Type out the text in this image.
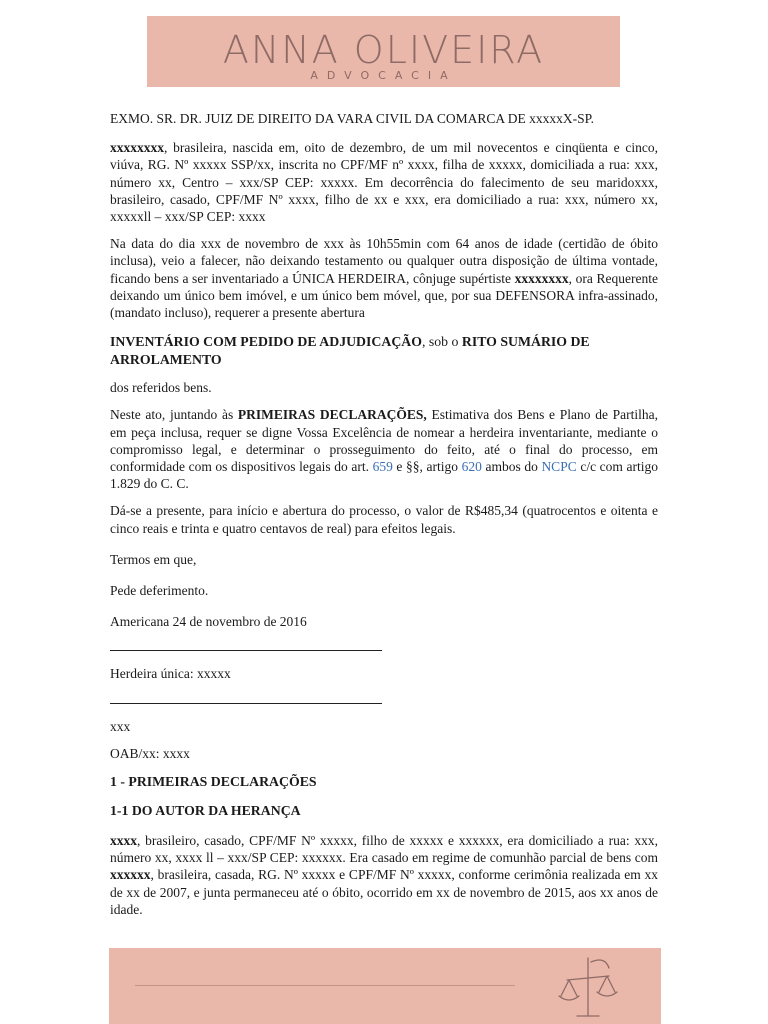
ANNA OLIVEIRA
ADVOCACIA

EXMO. SR. DR. JUIZ DE DIREITO DA VARA CIVIL DA COMARCA DE xxxxxX-SP.

xxxxxxxx, brasileira, nascida em, oito de dezembro, de um mil novecentos e cinqüenta e cinco, viúva, RG. Nº xxxxx SSP/xx, inscrita no CPF/MF nº xxxx, filha de xxxxx, domiciliada a rua: xxx, número xx, Centro – xxx/SP CEP: xxxxx. Em decorrência do falecimento de seu maridoxxx, brasileiro, casado, CPF/MF Nº xxxx, filho de xx e xxx, era domiciliado a rua: xxx, número xx, xxxxxll – xxx/SP CEP: xxxx

Na data do dia xxx de novembro de xxx às 10h55min com 64 anos de idade (certidão de óbito inclusa), veio a falecer, não deixando testamento ou qualquer outra disposição de última vontade, ficando bens a ser inventariado a ÚNICA HERDEIRA, cônjuge supértiste xxxxxxxx, ora Requerente deixando um único bem imóvel, e um único bem móvel, que, por sua DEFENSORA infra-assinado, (mandato incluso), requerer a presente abertura

INVENTÁRIO COM PEDIDO DE ADJUDICAÇÃO, sob o RITO SUMÁRIO DE ARROLAMENTO

dos referidos bens.

Neste ato, juntando às PRIMEIRAS DECLARAÇÕES, Estimativa dos Bens e Plano de Partilha, em peça inclusa, requer se digne Vossa Excelência de nomear a herdeira inventariante, mediante o compromisso legal, e determinar o prosseguimento do feito, até o final do processo, em conformidade com os dispositivos legais do art. 659 e §§, artigo 620 ambos do NCPC c/c com artigo 1.829 do C. C.

Dá-se a presente, para início e abertura do processo, o valor de R$485,34 (quatrocentos e oitenta e cinco reais e trinta e quatro centavos de real) para efeitos legais.

Termos em que,

Pede deferimento.

Americana 24 de novembro de 2016

Herdeira única: xxxxx

xxx

OAB/xx: xxxx

1 - PRIMEIRAS DECLARAÇÕES

1-1 DO AUTOR DA HERANÇA

xxxx, brasileiro, casado, CPF/MF Nº xxxxx, filho de xxxxx e xxxxxx, era domiciliado a rua: xxx, número xx, xxxx ll – xxx/SP CEP: xxxxxx. Era casado em regime de comunhão parcial de bens com xxxxxx, brasileira, casada, RG. Nº xxxxx e CPF/MF Nº xxxxx, conforme cerimônia realizada em xx de xx de 2007, e junta permaneceu até o óbito, ocorrido em xx de novembro de 2015, aos xx anos de idade.
